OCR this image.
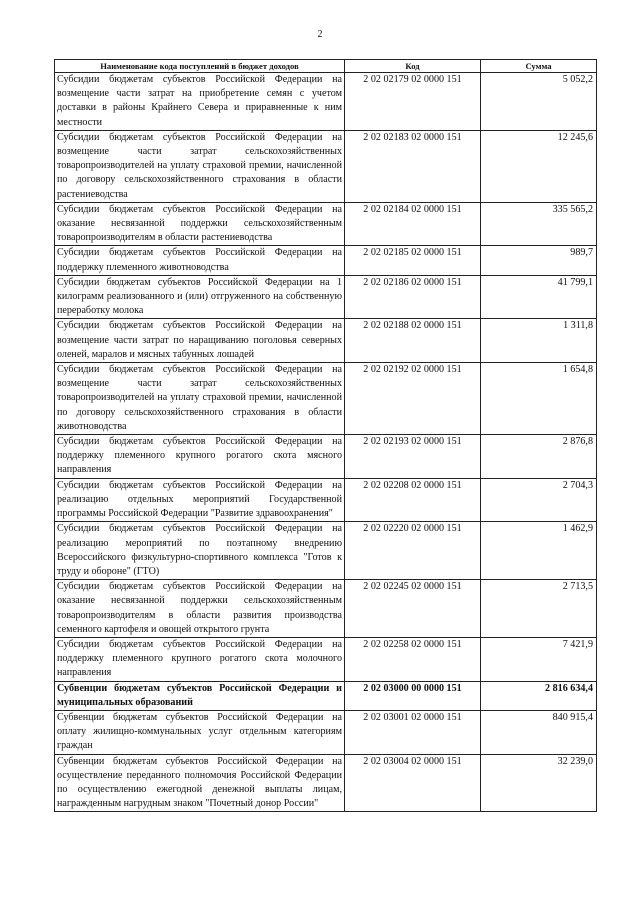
2
Наименование кода поступлений в бюджет доходов	Код	Сумма
Субсидии бюджетам субъектов Российской Федерации на возмещение части затрат на приобретение семян с учетом доставки в районы Крайнего Севера и приравненные к ним местности	2 02 02179 02 0000 151	5 052,2
Субсидии бюджетам субъектов Российской Федерации на возмещение части затрат сельскохозяйственных товаропроизводителей на уплату страховой премии, начисленной по договору сельскохозяйственного страхования в области растениеводства	2 02 02183 02 0000 151	12 245,6
Субсидии бюджетам субъектов Российской Федерации на оказание несвязанной поддержки сельскохозяйственным товаропроизводителям в области растениеводства	2 02 02184 02 0000 151	335 565,2
Субсидии бюджетам субъектов Российской Федерации на поддержку племенного животноводства	2 02 02185 02 0000 151	989,7
Субсидии бюджетам субъектов Российской Федерации на 1 килограмм реализованного и (или) отгруженного на собственную переработку молока	2 02 02186 02 0000 151	41 799,1
Субсидии бюджетам субъектов Российской Федерации на возмещение части затрат по наращиванию поголовья северных оленей, маралов и мясных табунных лошадей	2 02 02188 02 0000 151	1 311,8
Субсидии бюджетам субъектов Российской Федерации на возмещение части затрат сельскохозяйственных товаропроизводителей на уплату страховой премии, начисленной по договору сельскохозяйственного страхования в области животноводства	2 02 02192 02 0000 151	1 654,8
Субсидии бюджетам субъектов Российской Федерации на поддержку племенного крупного рогатого скота мясного направления	2 02 02193 02 0000 151	2 876,8
Субсидии бюджетам субъектов Российской Федерации на реализацию отдельных мероприятий Государственной программы Российской Федерации "Развитие здравоохранения"	2 02 02208 02 0000 151	2 704,3
Субсидии бюджетам субъектов Российской Федерации на реализацию мероприятий по поэтапному внедрению Всероссийского физкультурно-спортивного комплекса "Готов к труду и обороне" (ГТО)	2 02 02220 02 0000 151	1 462,9
Субсидии бюджетам субъектов Российской Федерации на оказание несвязанной поддержки сельскохозяйственным товаропроизводителям в области развития производства семенного картофеля и овощей открытого грунта	2 02 02245 02 0000 151	2 713,5
Субсидии бюджетам субъектов Российской Федерации на поддержку племенного крупного рогатого скота молочного направления	2 02 02258 02 0000 151	7 421,9
Субвенции бюджетам субъектов Российской Федерации и муниципальных образований	2 02 03000 00 0000 151	2 816 634,4
Субвенции бюджетам субъектов Российской Федерации на оплату жилищно-коммунальных услуг отдельным категориям граждан	2 02 03001 02 0000 151	840 915,4
Субвенции бюджетам субъектов Российской Федерации на осуществление переданного полномочия Российской Федерации по осуществлению ежегодной денежной выплаты лицам, награжденным нагрудным знаком "Почетный донор России"	2 02 03004 02 0000 151	32 239,0
